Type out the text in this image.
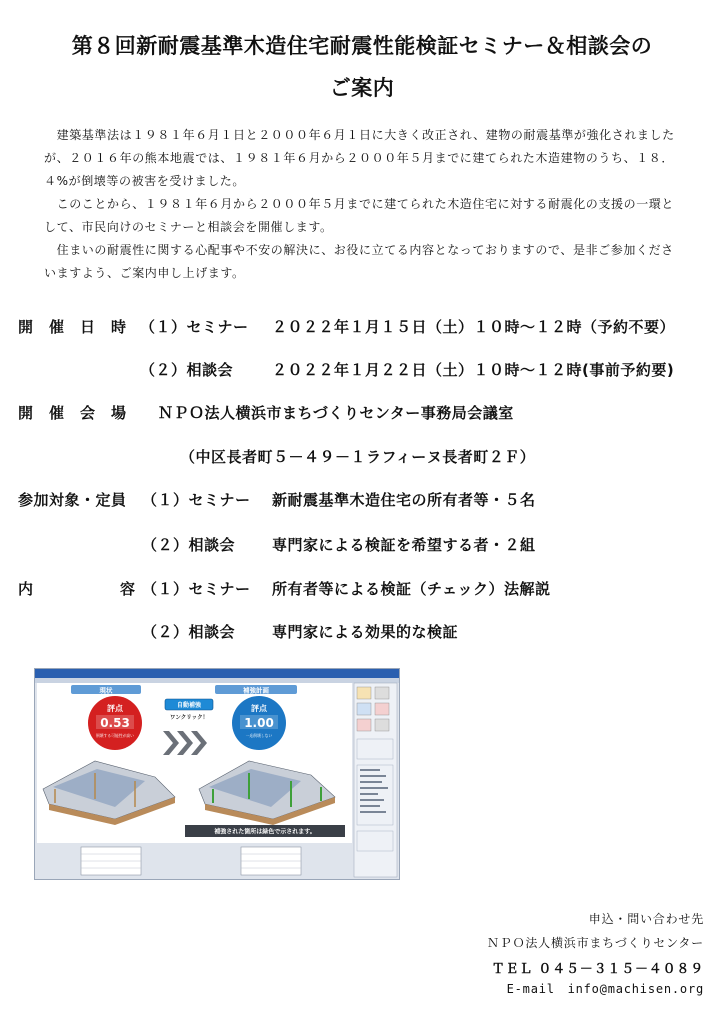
第８回新耐震基準木造住宅耐震性能検証セミナー＆相談会の
ご案内

　建築基準法は１９８１年６月１日と２０００年６月１日に大きく改正され、建物の耐震基準が強化されましたが、２０１６年の熊本地震では、１９８１年６月から２０００年５月までに建てられた木造建物のうち、１８．４%が倒壊等の被害を受けました。

　このことから、１９８１年６月から２０００年５月までに建てられた木造住宅に対する耐震化の支援の一環として、市民向けのセミナーと相談会を開催します。

　住まいの耐震性に関する心配事や不安の解決に、お役に立てる内容となっておりますので、是非ご参加くださいますよう、ご案内申し上げます。

開　催　日　時 （１）セミナー ２０２２年１月１５日（土）１０時～１２時（予約不要）
（２）相談会	２０２２年１月２２日（土）１０時～１２時(事前予約要)
開　催　会　場 ＮＰＯ法人横浜市まちづくりセンター事務局会議室
（中区長者町５－４９－１ラフィーヌ長者町２Ｆ）
参加対象・定員 （１）セミナー 新耐震基準木造住宅の所有者等・５名
（２）相談会 専門家による検証を希望する者・２組
内	容 （１）セミナー 所有者等による検証（チェック）法解説
（２）相談会 専門家による効果的な検証
現状	補強計画
評点
0.53
倒壊する可能性が高い
自動補強
ワンクリック！
評点
1.00
一応倒壊しない
補強された箇所は緑色で示されます。
申込・問い合わせ先
ＮＰＯ法人横浜市まちづくりセンター
ＴＥＬ ０４５－３１５－４０８９
E-mail　info@machisen.org
